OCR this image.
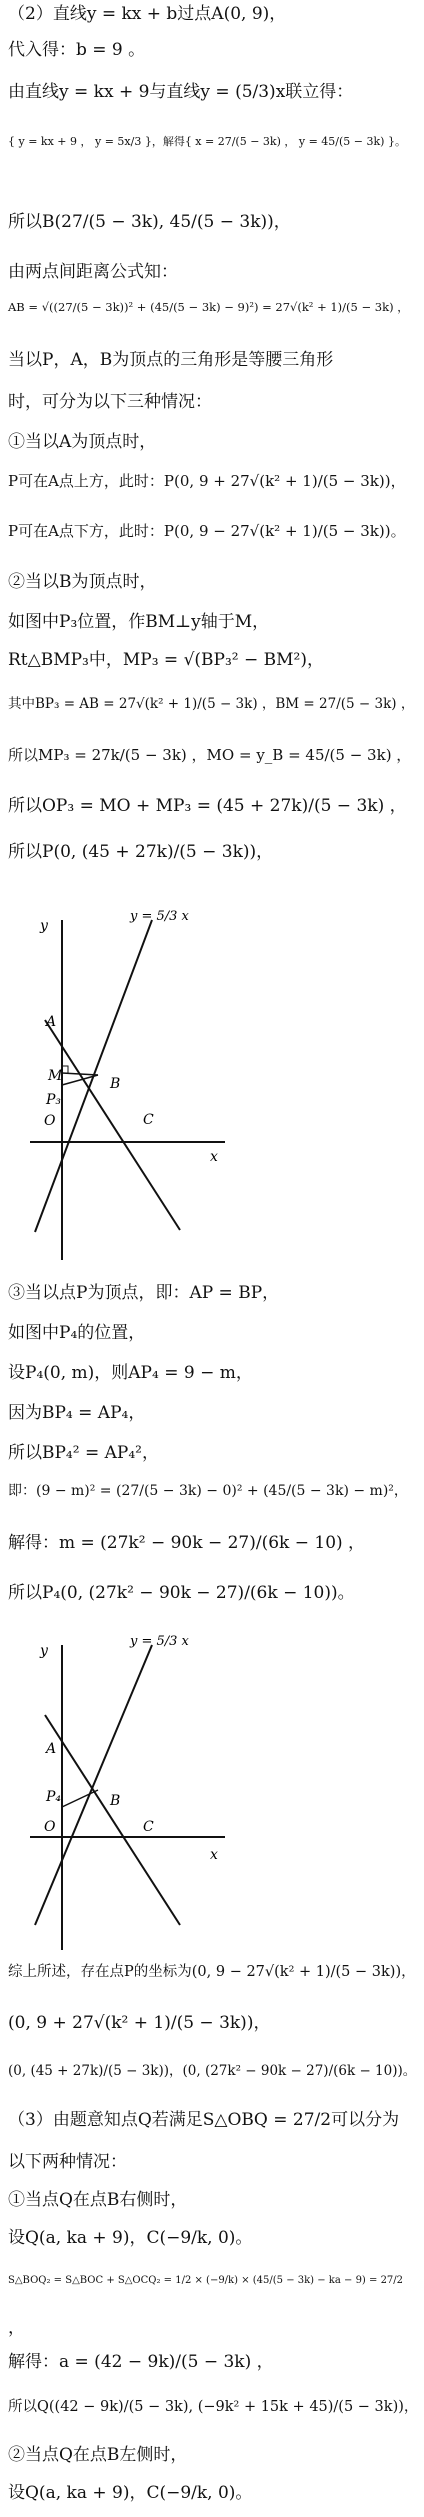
（2）直线y = kx + b过点A(0, 9)，
代入得：b = 9 。
由直线y = kx + 9与直线y = (5/3)x联立得：
{ y = kx + 9 ， y = 5x/3 }，解得{ x = 27/(5 − 3k) ， y = 45/(5 − 3k) }。
所以B(27/(5 − 3k), 45/(5 − 3k))，
由两点间距离公式知：
AB = √((27/(5 − 3k))² + (45/(5 − 3k) − 9)²) = 27√(k² + 1)/(5 − 3k) ，
当以P，A，B为顶点的三角形是等腰三角形
时，可分为以下三种情况：
①当以A为顶点时，
P可在A点上方，此时：P(0, 9 + 27√(k² + 1)/(5 − 3k))，
P可在A点下方，此时：P(0, 9 − 27√(k² + 1)/(5 − 3k))。
②当以B为顶点时，
如图中P₃位置，作BM⊥y轴于M，
Rt△BMP₃中，MP₃ = √(BP₃² − BM²)，
其中BP₃ = AB = 27√(k² + 1)/(5 − 3k) ，BM = 27/(5 − 3k) ，
所以MP₃ = 27k/(5 − 3k) ，MO = y_B = 45/(5 − 3k) ，
所以OP₃ = MO + MP₃ = (45 + 27k)/(5 − 3k) ，
所以P(0, (45 + 27k)/(5 − 3k))，
③当以点P为顶点，即：AP = BP，
如图中P₄的位置，
设P₄(0, m)，则AP₄ = 9 − m，
因为BP₄ = AP₄，
所以BP₄² = AP₄²，
即：(9 − m)² = (27/(5 − 3k) − 0)² + (45/(5 − 3k) − m)²，
解得：m = (27k² − 90k − 27)/(6k − 10) ，
所以P₄(0, (27k² − 90k − 27)/(6k − 10))。
综上所述，存在点P的坐标为(0, 9 − 27√(k² + 1)/(5 − 3k))，
(0, 9 + 27√(k² + 1)/(5 − 3k))，
(0, (45 + 27k)/(5 − 3k))，(0, (27k² − 90k − 27)/(6k − 10))。
（3）由题意知点Q若满足S△OBQ = 27/2可以分为
以下两种情况：
①当点Q在点B右侧时，
设Q(a, ka + 9)，C(−9/k, 0)。
S△BOQ₂ = S△BOC + S△OCQ₂ = 1/2 × (−9/k) × (45/(5 − 3k) − ka − 9) = 27/2
，
解得：a = (42 − 9k)/(5 − 3k) ，
所以Q((42 − 9k)/(5 − 3k), (−9k² + 15k + 45)/(5 − 3k))，
②当点Q在点B左侧时，
设Q(a, ka + 9)，C(−9/k, 0)。
y
y = 5/3 x
A
M
P₃
O
B
C
x
y
y = 5/3 x
A
P₄
O
B
C
x
